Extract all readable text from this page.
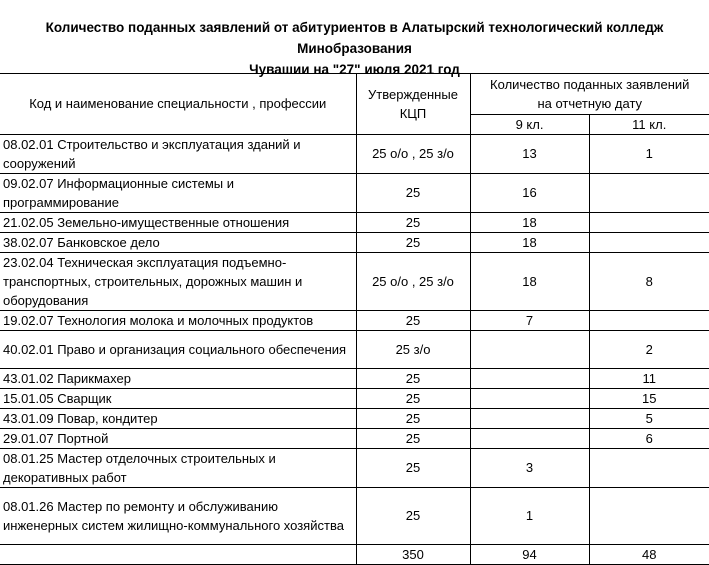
Количество поданных заявлений от абитуриентов в Алатырский технологический колледж Минобразования
Чувашии на "27" июля 2021 год
Код и наименование специальности , профессии	Утвержденные КЦП	Количество поданных заявлений на отчетную дату	
		9 кл.	11 кл.
08.02.01 Строительство и эксплуатация зданий и сооружений	25 о/о , 25 з/о	13	1
09.02.07 Информационные системы и программирование	25	16	
21.02.05 Земельно-имущественные отношения	25	18	
38.02.07 Банковское дело	25	18	
23.02.04 Техническая эксплуатация подъемно-транспортных, строительных, дорожных машин и оборудования	25 о/о , 25 з/о	18	8
19.02.07 Технология молока и молочных продуктов	25	7	
40.02.01 Право и организация социального обеспечения	25 з/о		2
43.01.02 Парикмахер	25		11
15.01.05 Сварщик	25		15
43.01.09 Повар, кондитер	25		5
29.01.07 Портной	25		6
08.01.25 Мастер отделочных строительных и декоративных работ	25	3	
08.01.26 Мастер по ремонту и обслуживанию инженерных систем жилищно-коммунального хозяйства	25	1	
	350	94	48
